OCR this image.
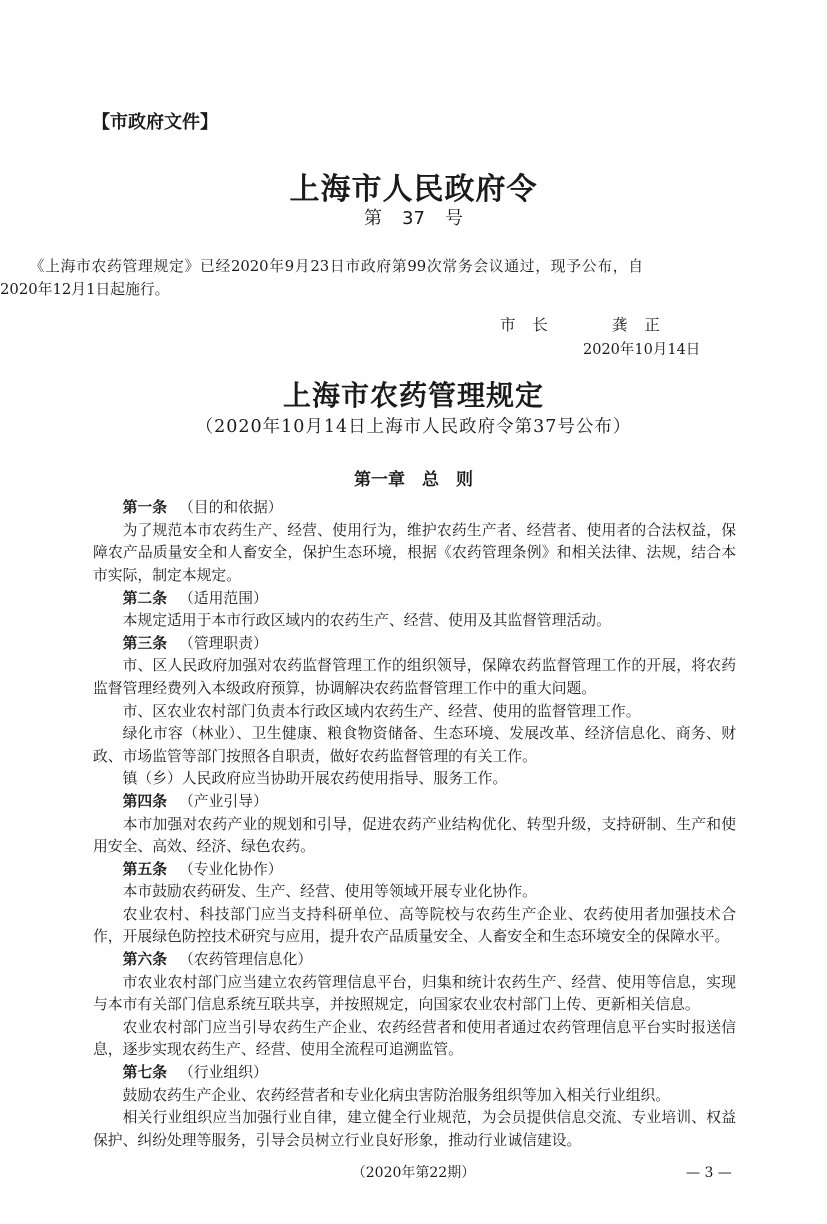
【市政府文件】
上海市人民政府令
第 37 号

《上海市农药管理规定》已经2020年9月23日市政府第99次常务会议通过，现予公布，自2020年12月1日起施行。

市 长	龚 正
2020年10月14日
上海市农药管理规定
（2020年10月14日上海市人民政府令第37号公布）
第一章　总　则

第一条 （目的和依据）

为了规范本市农药生产、经营、使用行为，维护农药生产者、经营者、使用者的合法权益，保障农产品质量安全和人畜安全，保护生态环境，根据《农药管理条例》和相关法律、法规，结合本市实际，制定本规定。

第二条 （适用范围）

本规定适用于本市行政区域内的农药生产、经营、使用及其监督管理活动。

第三条 （管理职责）

市、区人民政府加强对农药监督管理工作的组织领导，保障农药监督管理工作的开展，将农药监督管理经费列入本级政府预算，协调解决农药监督管理工作中的重大问题。

市、区农业农村部门负责本行政区域内农药生产、经营、使用的监督管理工作。

绿化市容（林业）、卫生健康、粮食物资储备、生态环境、发展改革、经济信息化、商务、财政、市场监管等部门按照各自职责，做好农药监督管理的有关工作。

镇（乡）人民政府应当协助开展农药使用指导、服务工作。

第四条 （产业引导）

本市加强对农药产业的规划和引导，促进农药产业结构优化、转型升级，支持研制、生产和使用安全、高效、经济、绿色农药。

第五条 （专业化协作）

本市鼓励农药研发、生产、经营、使用等领域开展专业化协作。

农业农村、科技部门应当支持科研单位、高等院校与农药生产企业、农药使用者加强技术合作，开展绿色防控技术研究与应用，提升农产品质量安全、人畜安全和生态环境安全的保障水平。

第六条 （农药管理信息化）

市农业农村部门应当建立农药管理信息平台，归集和统计农药生产、经营、使用等信息，实现与本市有关部门信息系统互联共享，并按照规定，向国家农业农村部门上传、更新相关信息。

农业农村部门应当引导农药生产企业、农药经营者和使用者通过农药管理信息平台实时报送信息，逐步实现农药生产、经营、使用全流程可追溯监管。

第七条 （行业组织）

鼓励农药生产企业、农药经营者和专业化病虫害防治服务组织等加入相关行业组织。

相关行业组织应当加强行业自律，建立健全行业规范，为会员提供信息交流、专业培训、权益保护、纠纷处理等服务，引导会员树立行业良好形象，推动行业诚信建设。

（2020年第22期）	— 3 —
